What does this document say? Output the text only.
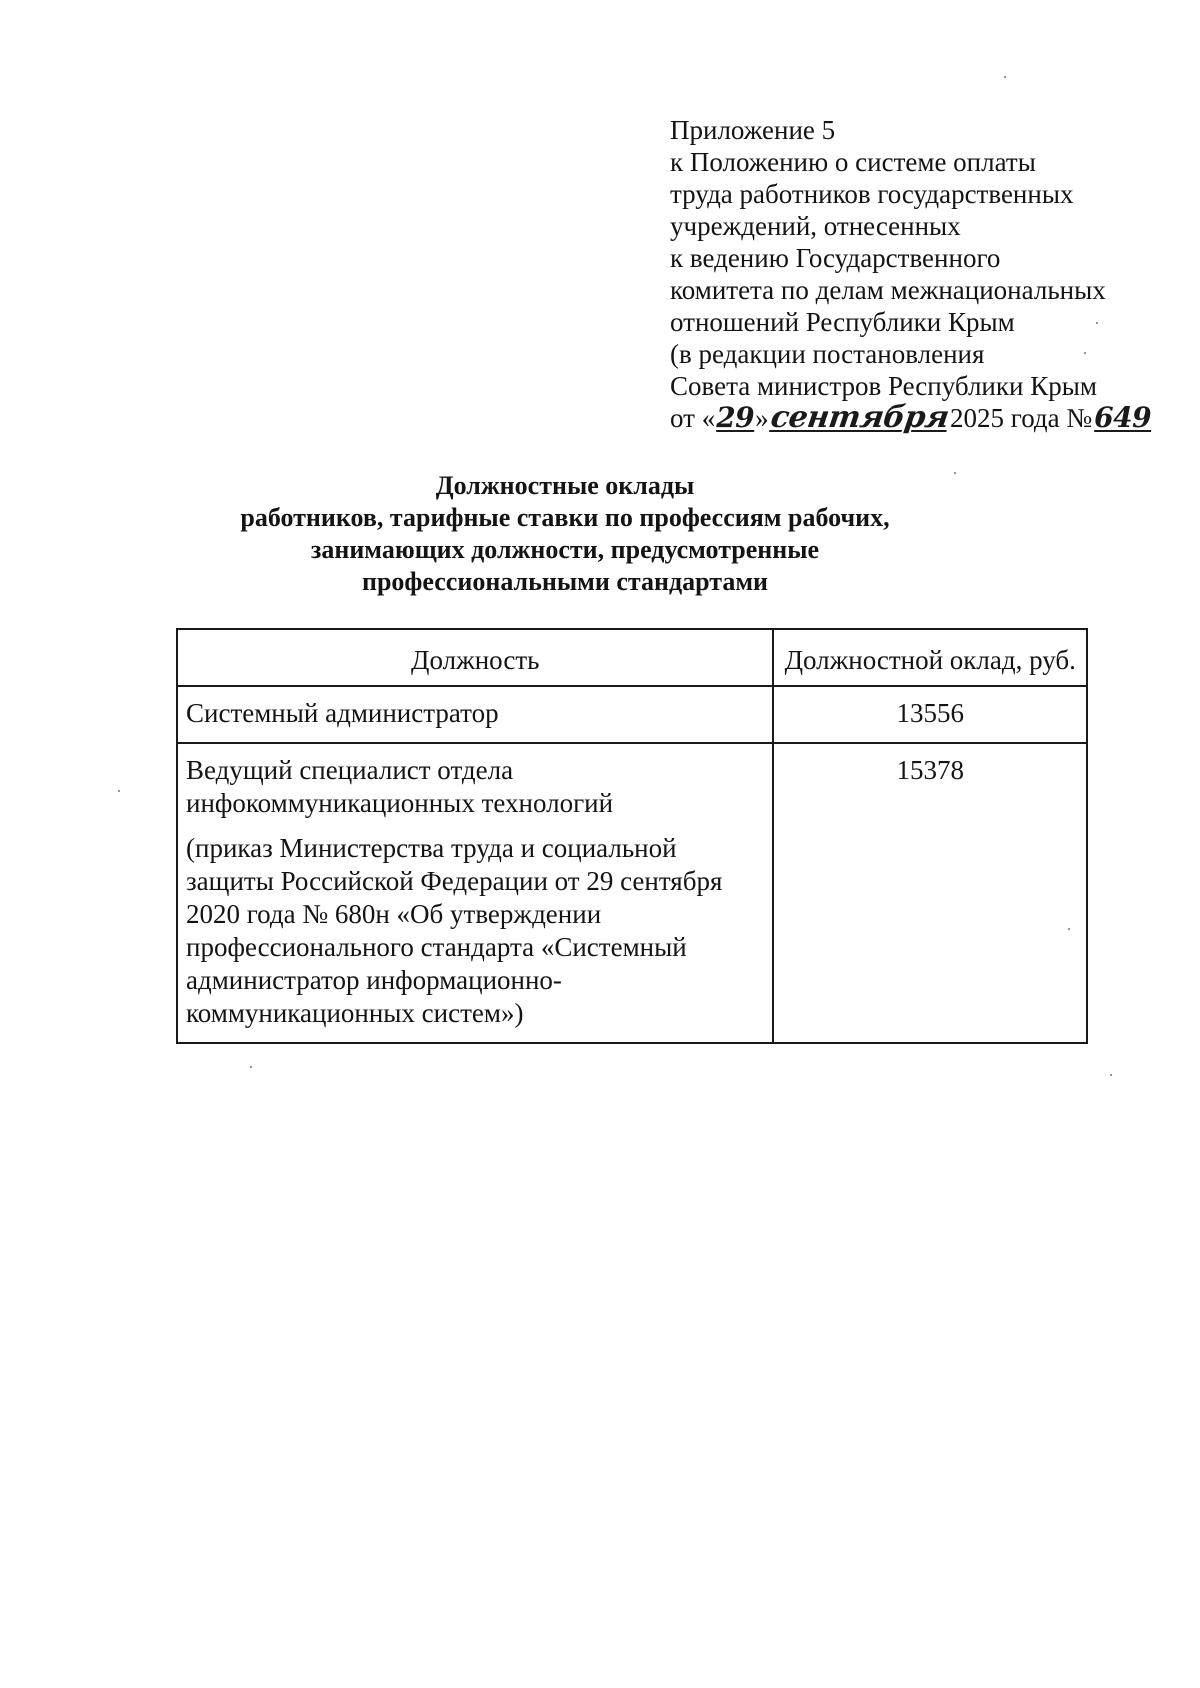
Приложение 5
к Положению о системе оплаты
труда работников государственных
учреждений, отнесенных
к ведению Государственного
комитета по делам межнациональных
отношений Республики Крым
(в редакции постановления
Совета министров Республики Крым
от «29»сентября2025 года №649
Должностные оклады
работников, тарифные ставки по профессиям рабочих,
занимающих должности, предусмотренные
профессиональными стандартами
Должность	Должностной оклад, руб.

Системный администратор	13556

Ведущий специалист отдела инфокоммуникационных технологий
(приказ Министерства труда и социальной защиты Российской Федерации от 29 сентября 2020 года № 680н «Об утверждении профессионального стандарта «Системный администратор информационно-коммуникационных систем»)	15378
